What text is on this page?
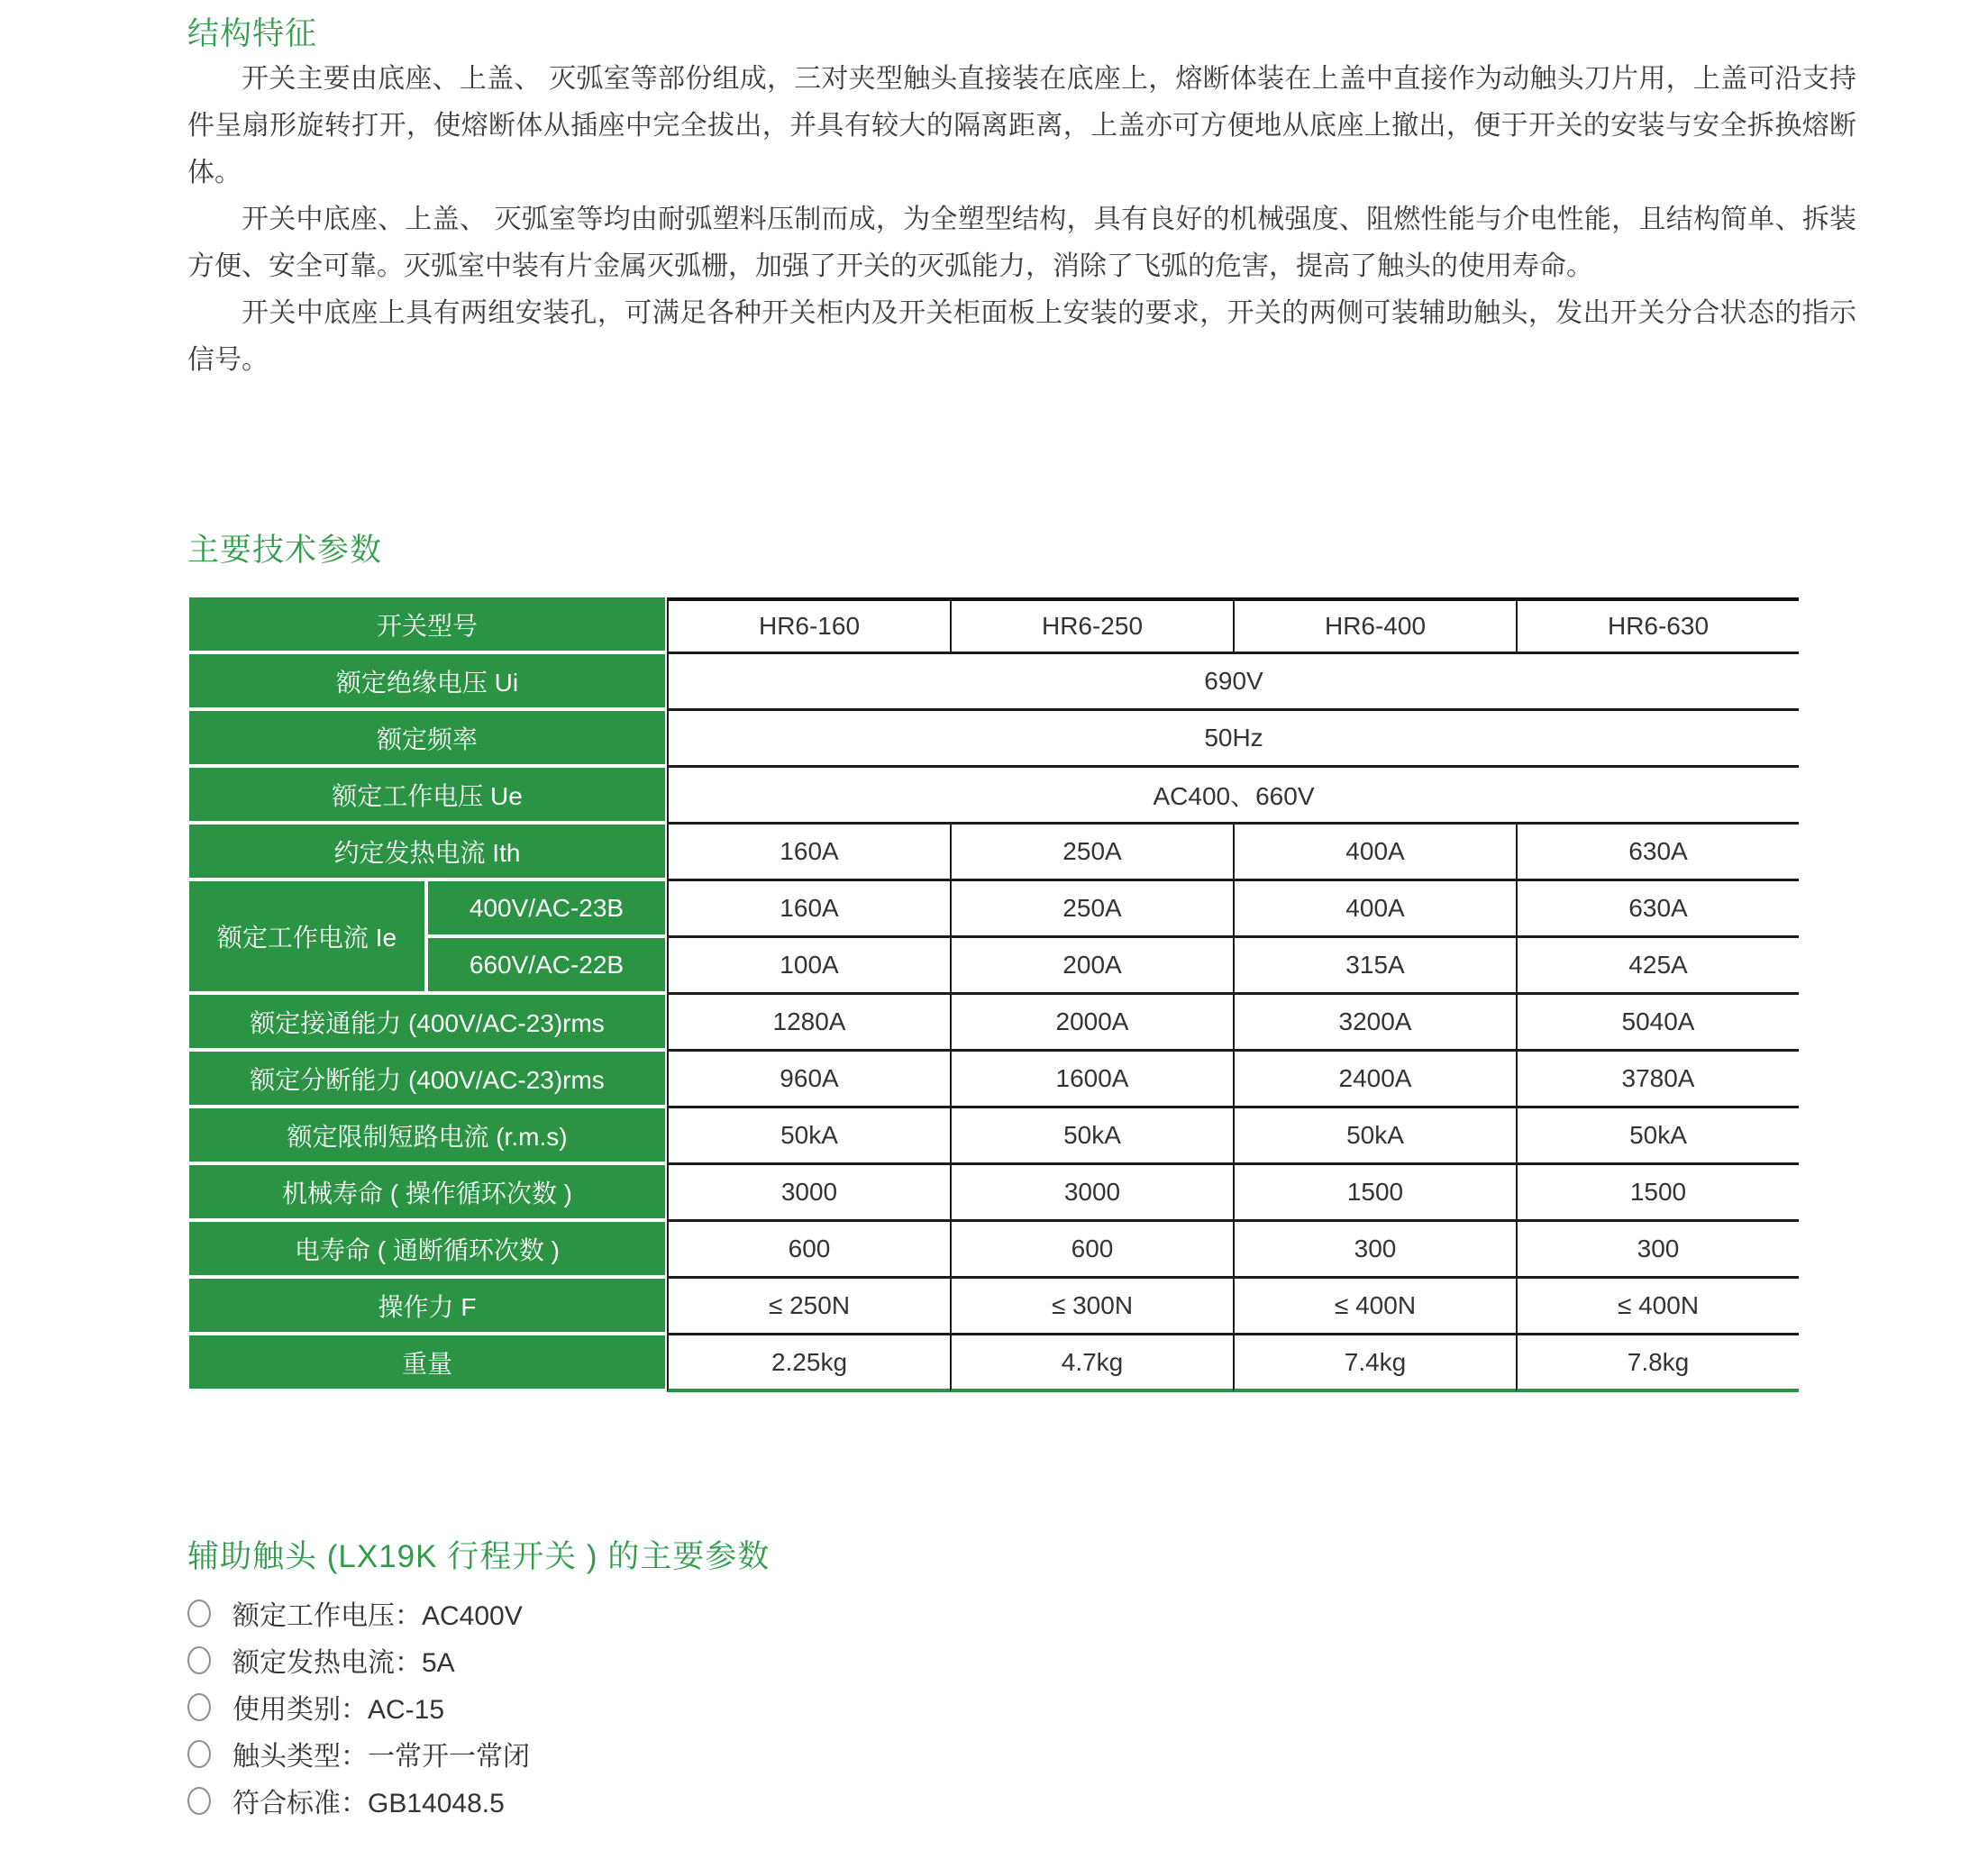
结构特征

开关主要由底座、上盖、 灭弧室等部份组成，三对夹型触头直接装在底座上，熔断体装在上盖中直接作为动触头刀片用，上盖可沿支持件呈扇形旋转打开，使熔断体从插座中完全拔出，并具有较大的隔离距离，上盖亦可方便地从底座上撤出，便于开关的安装与安全拆换熔断体。

开关中底座、上盖、 灭弧室等均由耐弧塑料压制而成，为全塑型结构，具有良好的机械强度、阻燃性能与介电性能，且结构简单、拆装方便、安全可靠。灭弧室中装有片金属灭弧栅，加强了开关的灭弧能力，消除了飞弧的危害，提高了触头的使用寿命。

开关中底座上具有两组安装孔，可满足各种开关柜内及开关柜面板上安装的要求，开关的两侧可装辅助触头，发出开关分合状态的指示信号。

主要技术参数
开关型号	HR6-160	HR6-250	HR6-400	HR6-630
额定绝缘电压 Ui	690V
额定频率	50Hz
额定工作电压 Ue	AC400、660V
约定发热电流 Ith	160A	250A	400A	630A
额定工作电流 Ie
400V/AC-23B	160A	250A	400A	630A
660V/AC-22B	100A	200A	315A	425A
额定接通能力 (400V/AC-23)rms	1280A	2000A	3200A	5040A
额定分断能力 (400V/AC-23)rms	960A	1600A	2400A	3780A
额定限制短路电流 (r.m.s)	50kA	50kA	50kA	50kA
机械寿命 ( 操作循环次数 )	3000	3000	1500	1500
电寿命 ( 通断循环次数 )	600	600	300	300
操作力 F	≤ 250N	≤ 300N	≤ 400N	≤ 400N
重量	2.25kg	4.7kg	7.4kg	7.8kg
辅助触头 (LX19K 行程开关 ) 的主要参数
额定工作电压：AC400V
额定发热电流：5A
使用类别：AC-15
触头类型：一常开一常闭
符合标准：GB14048.5
